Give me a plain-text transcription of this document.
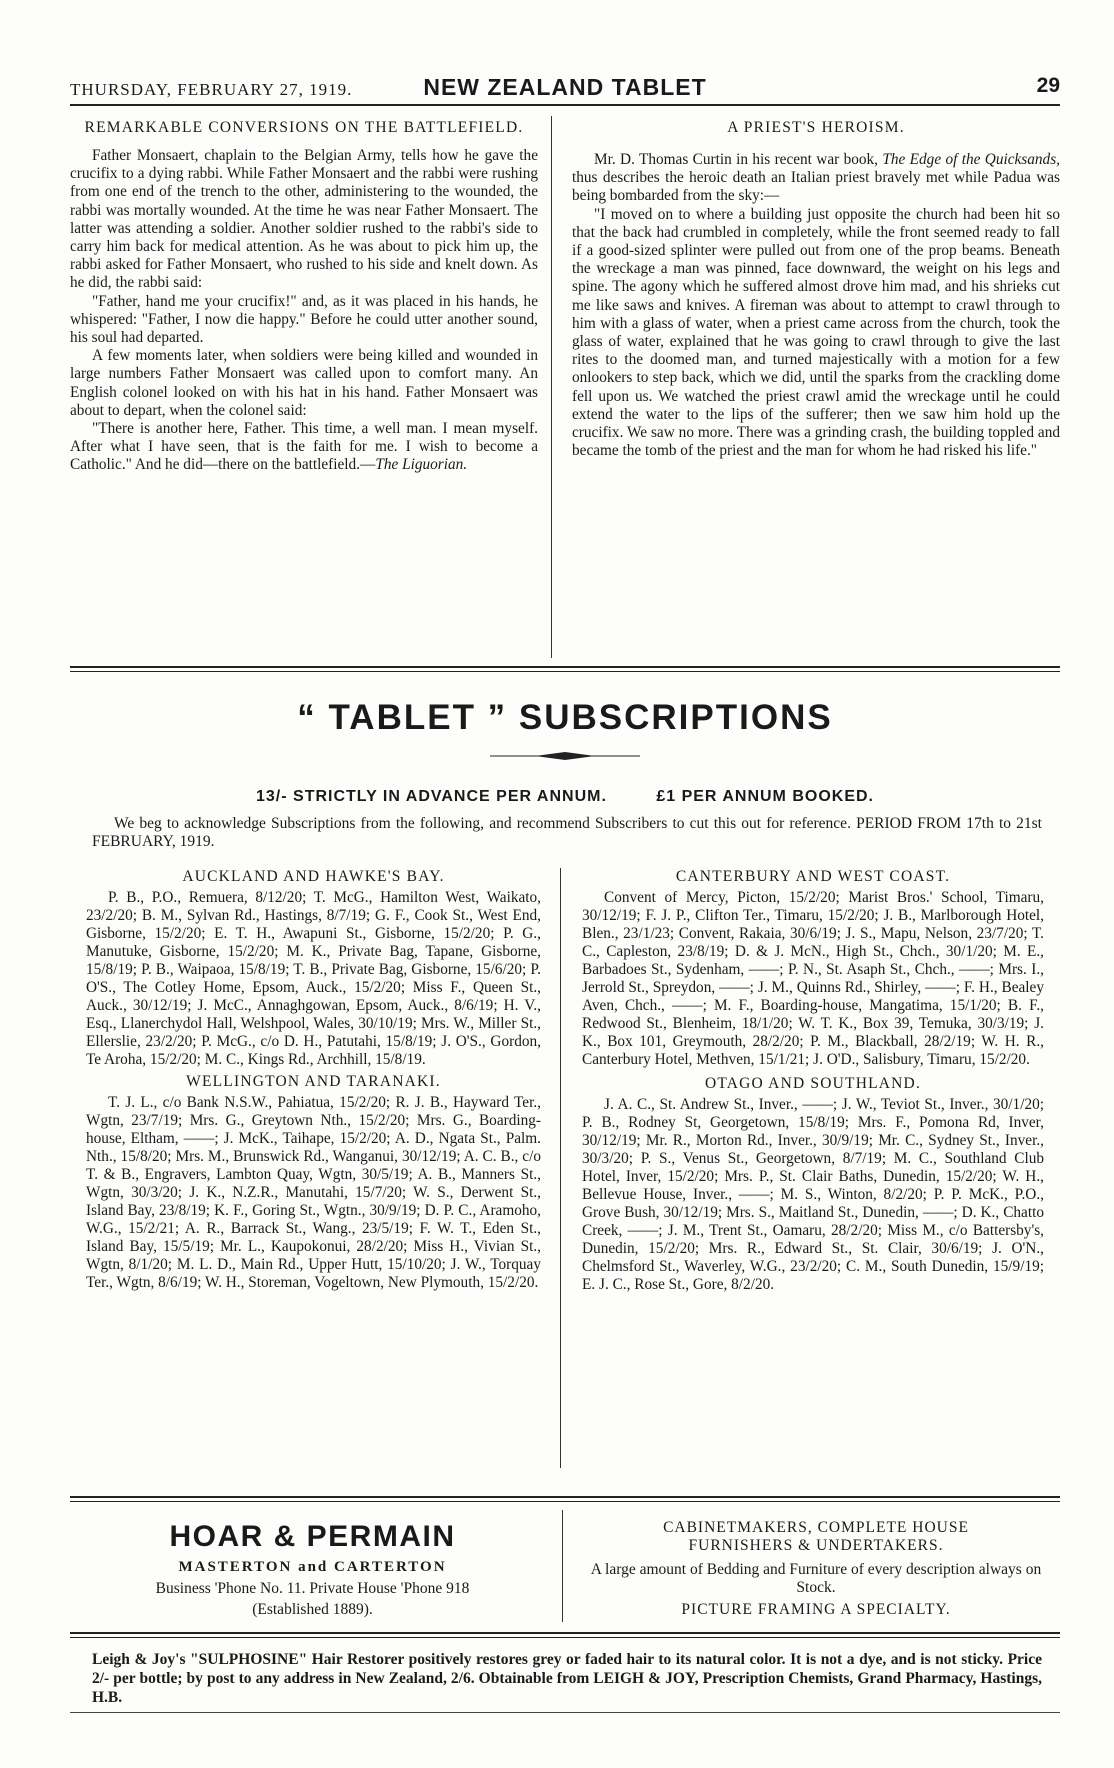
THURSDAY, FEBRUARY 27, 1919.	NEW ZEALAND TABLET	29
REMARKABLE CONVERSIONS ON THE BATTLEFIELD.

Father Monsaert, chaplain to the Belgian Army, tells how he gave the crucifix to a dying rabbi. While Father Monsaert and the rabbi were rushing from one end of the trench to the other, administering to the wounded, the rabbi was mortally wounded. At the time he was near Father Monsaert. The latter was attending a soldier. Another soldier rushed to the rabbi's side to carry him back for medical attention. As he was about to pick him up, the rabbi asked for Father Monsaert, who rushed to his side and knelt down. As he did, the rabbi said:

"Father, hand me your crucifix!" and, as it was placed in his hands, he whispered: "Father, I now die happy." Before he could utter another sound, his soul had departed.

A few moments later, when soldiers were being killed and wounded in large numbers Father Monsaert was called upon to comfort many. An English colonel looked on with his hat in his hand. Father Monsaert was about to depart, when the colonel said:

"There is another here, Father. This time, a well man. I mean myself. After what I have seen, that is the faith for me. I wish to become a Catholic." And he did—there on the battlefield.—The Liguorian.

A PRIEST'S HEROISM.

Mr. D. Thomas Curtin in his recent war book, The Edge of the Quicksands, thus describes the heroic death an Italian priest bravely met while Padua was being bombarded from the sky:—

"I moved on to where a building just opposite the church had been hit so that the back had crumbled in completely, while the front seemed ready to fall if a good-sized splinter were pulled out from one of the prop beams. Beneath the wreckage a man was pinned, face downward, the weight on his legs and spine. The agony which he suffered almost drove him mad, and his shrieks cut me like saws and knives. A fireman was about to attempt to crawl through to him with a glass of water, when a priest came across from the church, took the glass of water, explained that he was going to crawl through to give the last rites to the doomed man, and turned majestically with a motion for a few onlookers to step back, which we did, until the sparks from the crackling dome fell upon us. We watched the priest crawl amid the wreckage until he could extend the water to the lips of the sufferer; then we saw him hold up the crucifix. We saw no more. There was a grinding crash, the building toppled and became the tomb of the priest and the man for whom he had risked his life."

“ TABLET ” SUBSCRIPTIONS
13/- STRICTLY IN ADVANCE PER ANNUM.	£1 PER ANNUM BOOKED.

We beg to acknowledge Subscriptions from the following, and recommend Subscribers to cut this out for reference. PERIOD FROM 17th to 21st FEBRUARY, 1919.

AUCKLAND AND HAWKE'S BAY.

P. B., P.O., Remuera, 8/12/20; T. McG., Hamilton West, Waikato, 23/2/20; B. M., Sylvan Rd., Hastings, 8/7/19; G. F., Cook St., West End, Gisborne, 15/2/20; E. T. H., Awapuni St., Gisborne, 15/2/20; P. G., Manutuke, Gisborne, 15/2/20; M. K., Private Bag, Tapane, Gisborne, 15/8/19; P. B., Waipaoa, 15/8/19; T. B., Private Bag, Gisborne, 15/6/20; P. O'S., The Cotley Home, Epsom, Auck., 15/2/20; Miss F., Queen St., Auck., 30/12/19; J. McC., Annaghgowan, Epsom, Auck., 8/6/19; H. V., Esq., Llanerchydol Hall, Welshpool, Wales, 30/10/19; Mrs. W., Miller St., Ellerslie, 23/2/20; P. McG., c/o D. H., Patutahi, 15/8/19; J. O'S., Gordon, Te Aroha, 15/2/20; M. C., Kings Rd., Archhill, 15/8/19.

WELLINGTON AND TARANAKI.

T. J. L., c/o Bank N.S.W., Pahiatua, 15/2/20; R. J. B., Hayward Ter., Wgtn, 23/7/19; Mrs. G., Greytown Nth., 15/2/20; Mrs. G., Boarding-house, Eltham, ——; J. McK., Taihape, 15/2/20; A. D., Ngata St., Palm. Nth., 15/8/20; Mrs. M., Brunswick Rd., Wanganui, 30/12/19; A. C. B., c/o T. & B., Engravers, Lambton Quay, Wgtn, 30/5/19; A. B., Manners St., Wgtn, 30/3/20; J. K., N.Z.R., Manutahi, 15/7/20; W. S., Derwent St., Island Bay, 23/8/19; K. F., Goring St., Wgtn., 30/9/19; D. P. C., Aramoho, W.G., 15/2/21; A. R., Barrack St., Wang., 23/5/19; F. W. T., Eden St., Island Bay, 15/5/19; Mr. L., Kaupokonui, 28/2/20; Miss H., Vivian St., Wgtn, 8/1/20; M. L. D., Main Rd., Upper Hutt, 15/10/20; J. W., Torquay Ter., Wgtn, 8/6/19; W. H., Storeman, Vogeltown, New Plymouth, 15/2/20.

CANTERBURY AND WEST COAST.

Convent of Mercy, Picton, 15/2/20; Marist Bros.' School, Timaru, 30/12/19; F. J. P., Clifton Ter., Timaru, 15/2/20; J. B., Marlborough Hotel, Blen., 23/1/23; Convent, Rakaia, 30/6/19; J. S., Mapu, Nelson, 23/7/20; T. C., Capleston, 23/8/19; D. & J. McN., High St., Chch., 30/1/20; M. E., Barbadoes St., Sydenham, ——; P. N., St. Asaph St., Chch., ——; Mrs. I., Jerrold St., Spreydon, ——; J. M., Quinns Rd., Shirley, ——; F. H., Bealey Aven, Chch., ——; M. F., Boarding-house, Mangatima, 15/1/20; B. F., Redwood St., Blenheim, 18/1/20; W. T. K., Box 39, Temuka, 30/3/19; J. K., Box 101, Greymouth, 28/2/20; P. M., Blackball, 28/2/19; W. H. R., Canterbury Hotel, Methven, 15/1/21; J. O'D., Salisbury, Timaru, 15/2/20.

OTAGO AND SOUTHLAND.

J. A. C., St. Andrew St., Inver., ——; J. W., Teviot St., Inver., 30/1/20; P. B., Rodney St, Georgetown, 15/8/19; Mrs. F., Pomona Rd, Inver, 30/12/19; Mr. R., Morton Rd., Inver., 30/9/19; Mr. C., Sydney St., Inver., 30/3/20; P. S., Venus St., Georgetown, 8/7/19; M. C., Southland Club Hotel, Inver, 15/2/20; Mrs. P., St. Clair Baths, Dunedin, 15/2/20; W. H., Bellevue House, Inver., ——; M. S., Winton, 8/2/20; P. P. McK., P.O., Grove Bush, 30/12/19; Mrs. S., Maitland St., Dunedin, ——; D. K., Chatto Creek, ——; J. M., Trent St., Oamaru, 28/2/20; Miss M., c/o Battersby's, Dunedin, 15/2/20; Mrs. R., Edward St., St. Clair, 30/6/19; J. O'N., Chelmsford St., Waverley, W.G., 23/2/20; C. M., South Dunedin, 15/9/19; E. J. C., Rose St., Gore, 8/2/20.

HOAR & PERMAIN
MASTERTON and CARTERTON
Business 'Phone No. 11. Private House 'Phone 918
(Established 1889).
CABINETMAKERS, COMPLETE HOUSE FURNISHERS & UNDERTAKERS.
A large amount of Bedding and Furniture of every description always on Stock.
PICTURE FRAMING A SPECIALTY.
Leigh & Joy's "SULPHOSINE" Hair Restorer positively restores grey or faded hair to its natural color. It is not a dye, and is not sticky. Price 2/- per bottle; by post to any address in New Zealand, 2/6. Obtainable from LEIGH & JOY, Prescription Chemists, Grand Pharmacy, Hastings, H.B.
